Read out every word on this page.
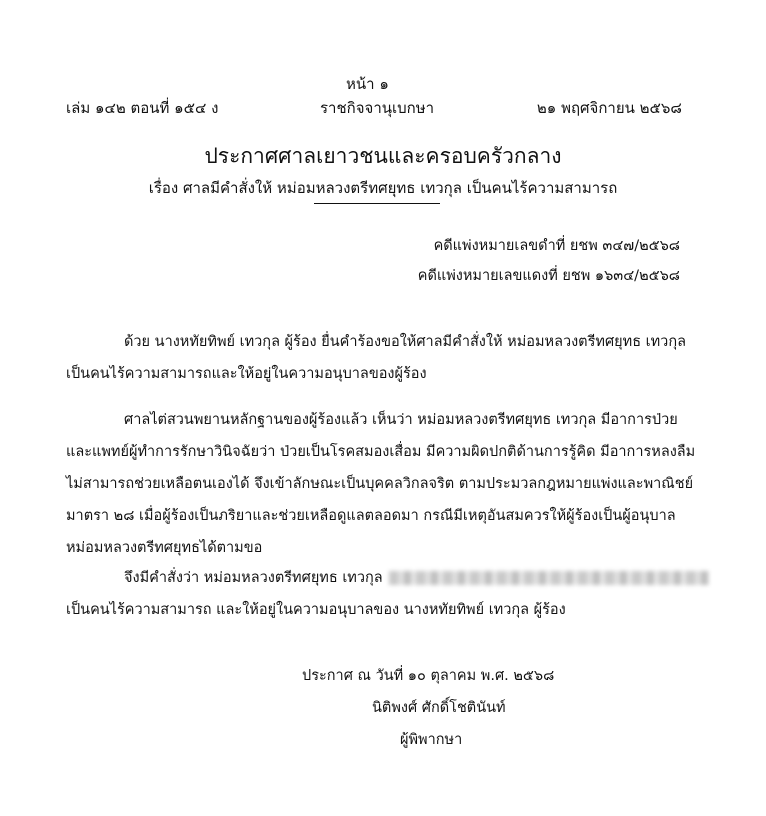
หน้า ๑
เล่ม ๑๔๒ ตอนที่ ๑๕๔ ง	ราชกิจจานุเบกษา	๒๑ พฤศจิกายน ๒๕๖๘
ประกาศศาลเยาวชนและครอบครัวกลาง
เรื่อง ศาลมีคำสั่งให้ หม่อมหลวงตรีทศยุทธ เทวกุล เป็นคนไร้ความสามารถ
คดีแพ่งหมายเลขดำที่ ยชพ ๓๔๗/๒๕๖๘
คดีแพ่งหมายเลขแดงที่ ยชพ ๑๖๓๔/๒๕๖๘
ด้วย นางหทัยทิพย์ เทวกุล ผู้ร้อง ยื่นคำร้องขอให้ศาลมีคำสั่งให้ หม่อมหลวงตรีทศยุทธ เทวกุล
เป็นคนไร้ความสามารถและให้อยู่ในความอนุบาลของผู้ร้อง
ศาลไต่สวนพยานหลักฐานของผู้ร้องแล้ว เห็นว่า หม่อมหลวงตรีทศยุทธ เทวกุล มีอาการป่วย
และแพทย์ผู้ทำการรักษาวินิจฉัยว่า ป่วยเป็นโรคสมองเสื่อม มีความผิดปกติด้านการรู้คิด มีอาการหลงลืม
ไม่สามารถช่วยเหลือตนเองได้ จึงเข้าลักษณะเป็นบุคคลวิกลจริต ตามประมวลกฎหมายแพ่งและพาณิชย์
มาตรา ๒๘ เมื่อผู้ร้องเป็นภริยาและช่วยเหลือดูแลตลอดมา กรณีมีเหตุอันสมควรให้ผู้ร้องเป็นผู้อนุบาล
หม่อมหลวงตรีทศยุทธได้ตามขอ
จึงมีคำสั่งว่า หม่อมหลวงตรีทศยุทธ เทวกุล
เป็นคนไร้ความสามารถ และให้อยู่ในความอนุบาลของ นางหทัยทิพย์ เทวกุล ผู้ร้อง
ประกาศ ณ วันที่ ๑๐ ตุลาคม พ.ศ. ๒๕๖๘
นิติพงศ์ ศักดิ์โชตินันท์
ผู้พิพากษา
